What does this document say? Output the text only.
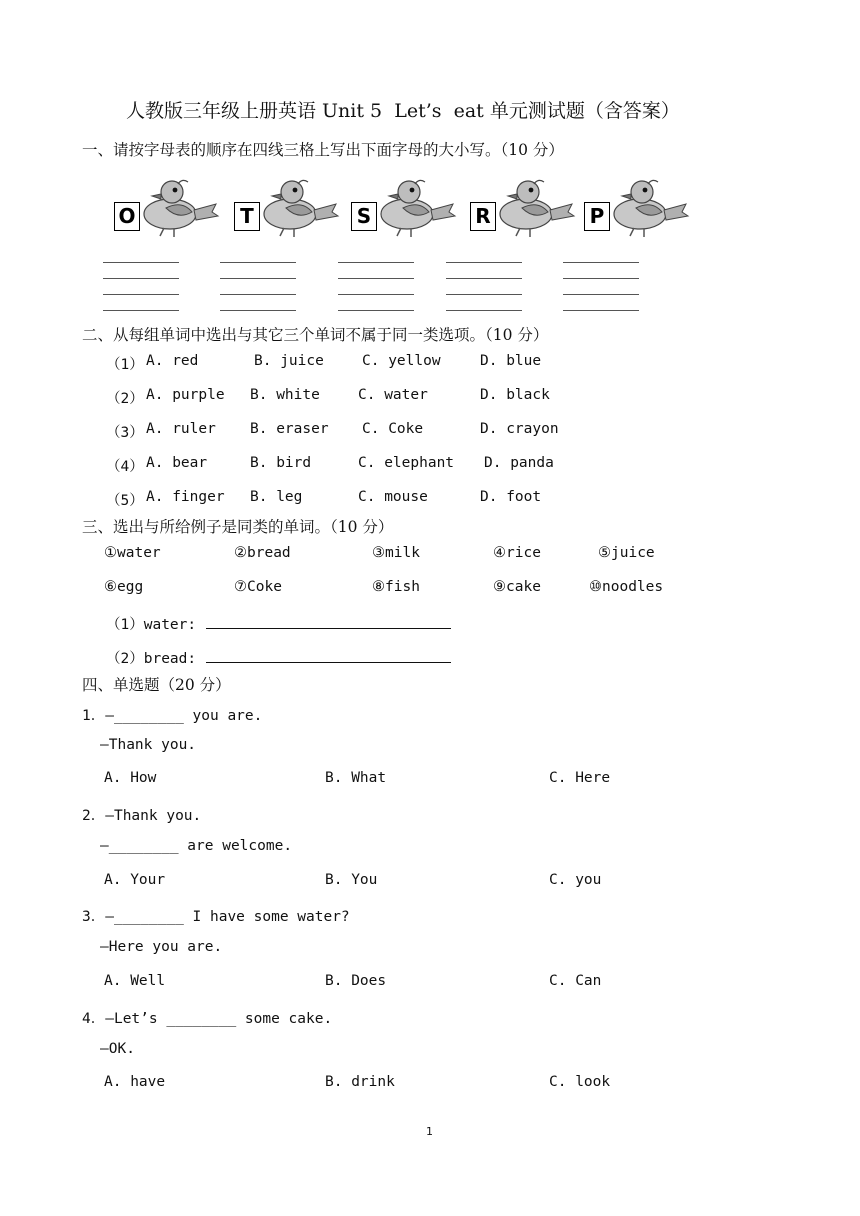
人教版三年级上册英语 Unit 5  Let’s  eat 单元测试题（含答案）
一、请按字母表的顺序在四线三格上写出下面字母的大小写。（10 分）
O	T	S	R	P
二、从每组单词中选出与其它三个单词不属于同一类选项。（10 分）
（1） A. red	B. juice	C. yellow	D. blue
（2） A. purple B. white	C. water	D. black
（3） A. ruler B. eraser C. Coke	D. crayon
（4） A. bear	B. bird	C. elephant D. panda
（5） A. finger B. leg	C. mouse	D. foot
三、选出与所给例子是同类的单词。（10 分）
①water	②bread	③milk	④rice	⑤juice
⑥egg	⑦Coke	⑧fish	⑨cake	⑩noodles
（1）water:
（2）bread:
四、单选题（20 分）
1．—________ you are.
—Thank you.
A. How	B. What	C. Here
2．—Thank you.
—________ are welcome.
A. Your	B. You	C. you
3．—________ I have some water?
—Here you are.
A. Well	B. Does	C. Can
4．—Let’s ________ some cake.
—OK.
A. have	B. drink	C. look
1
